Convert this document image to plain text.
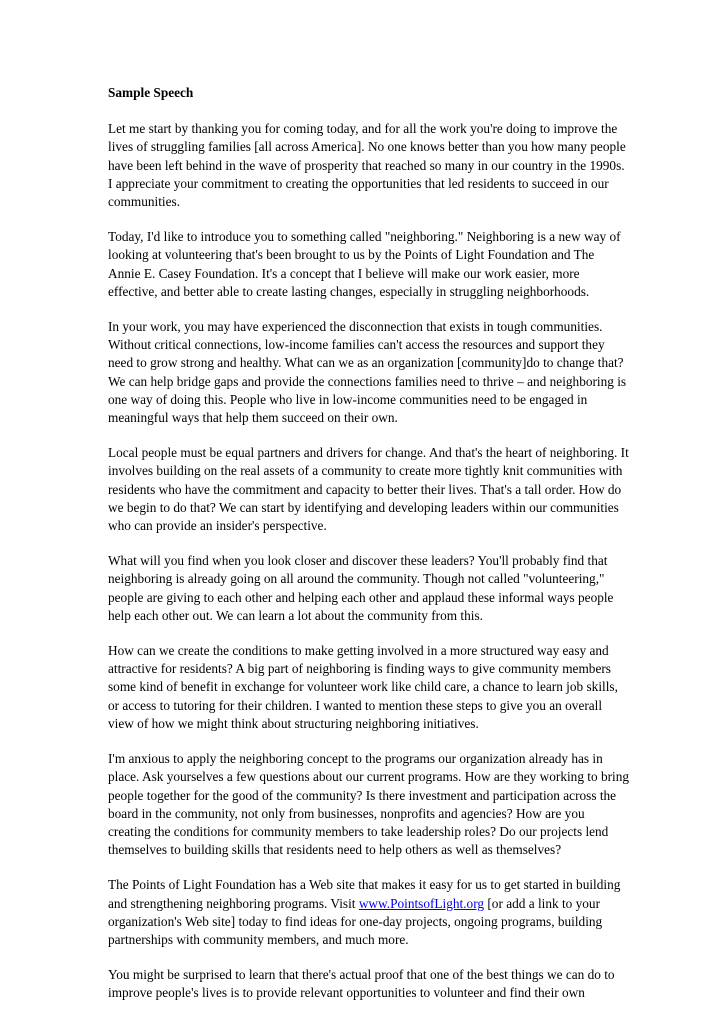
Sample Speech
Let me start by thanking you for coming today, and for all the work you're doing to improve the
lives of struggling families [all across America]. No one knows better than you how many people
have been left behind in the wave of prosperity that reached so many in our country in the 1990s.
I appreciate your commitment to creating the opportunities that led residents to succeed in our
communities.
Today, I'd like to introduce you to something called "neighboring." Neighboring is a new way of
looking at volunteering that's been brought to us by the Points of Light Foundation and The
Annie E. Casey Foundation. It's a concept that I believe will make our work easier, more
effective, and better able to create lasting changes, especially in struggling neighborhoods.
In your work, you may have experienced the disconnection that exists in tough communities.
Without critical connections, low-income families can't access the resources and support they
need to grow strong and healthy. What can we as an organization [community]do to change that?
We can help bridge gaps and provide the connections families need to thrive – and neighboring is
one way of doing this. People who live in low-income communities need to be engaged in
meaningful ways that help them succeed on their own.
Local people must be equal partners and drivers for change. And that's the heart of neighboring. It
involves building on the real assets of a community to create more tightly knit communities with
residents who have the commitment and capacity to better their lives. That's a tall order. How do
we begin to do that? We can start by identifying and developing leaders within our communities
who can provide an insider's perspective.
What will you find when you look closer and discover these leaders? You'll probably find that
neighboring is already going on all around the community. Though not called "volunteering,"
people are giving to each other and helping each other and applaud these informal ways people
help each other out. We can learn a lot about the community from this.
How can we create the conditions to make getting involved in a more structured way easy and
attractive for residents? A big part of neighboring is finding ways to give community members
some kind of benefit in exchange for volunteer work like child care, a chance to learn job skills,
or access to tutoring for their children. I wanted to mention these steps to give you an overall
view of how we might think about structuring neighboring initiatives.
I'm anxious to apply the neighboring concept to the programs our organization already has in
place. Ask yourselves a few questions about our current programs. How are they working to bring
people together for the good of the community? Is there investment and participation across the
board in the community, not only from businesses, nonprofits and agencies? How are you
creating the conditions for community members to take leadership roles? Do our projects lend
themselves to building skills that residents need to help others as well as themselves?
The Points of Light Foundation has a Web site that makes it easy for us to get started in building
and strengthening neighboring programs. Visit www.PointsofLight.org [or add a link to your
organization's Web site] today to find ideas for one-day projects, ongoing programs, building
partnerships with community members, and much more.
You might be surprised to learn that there's actual proof that one of the best things we can do to
improve people's lives is to provide relevant opportunities to volunteer and find their own
